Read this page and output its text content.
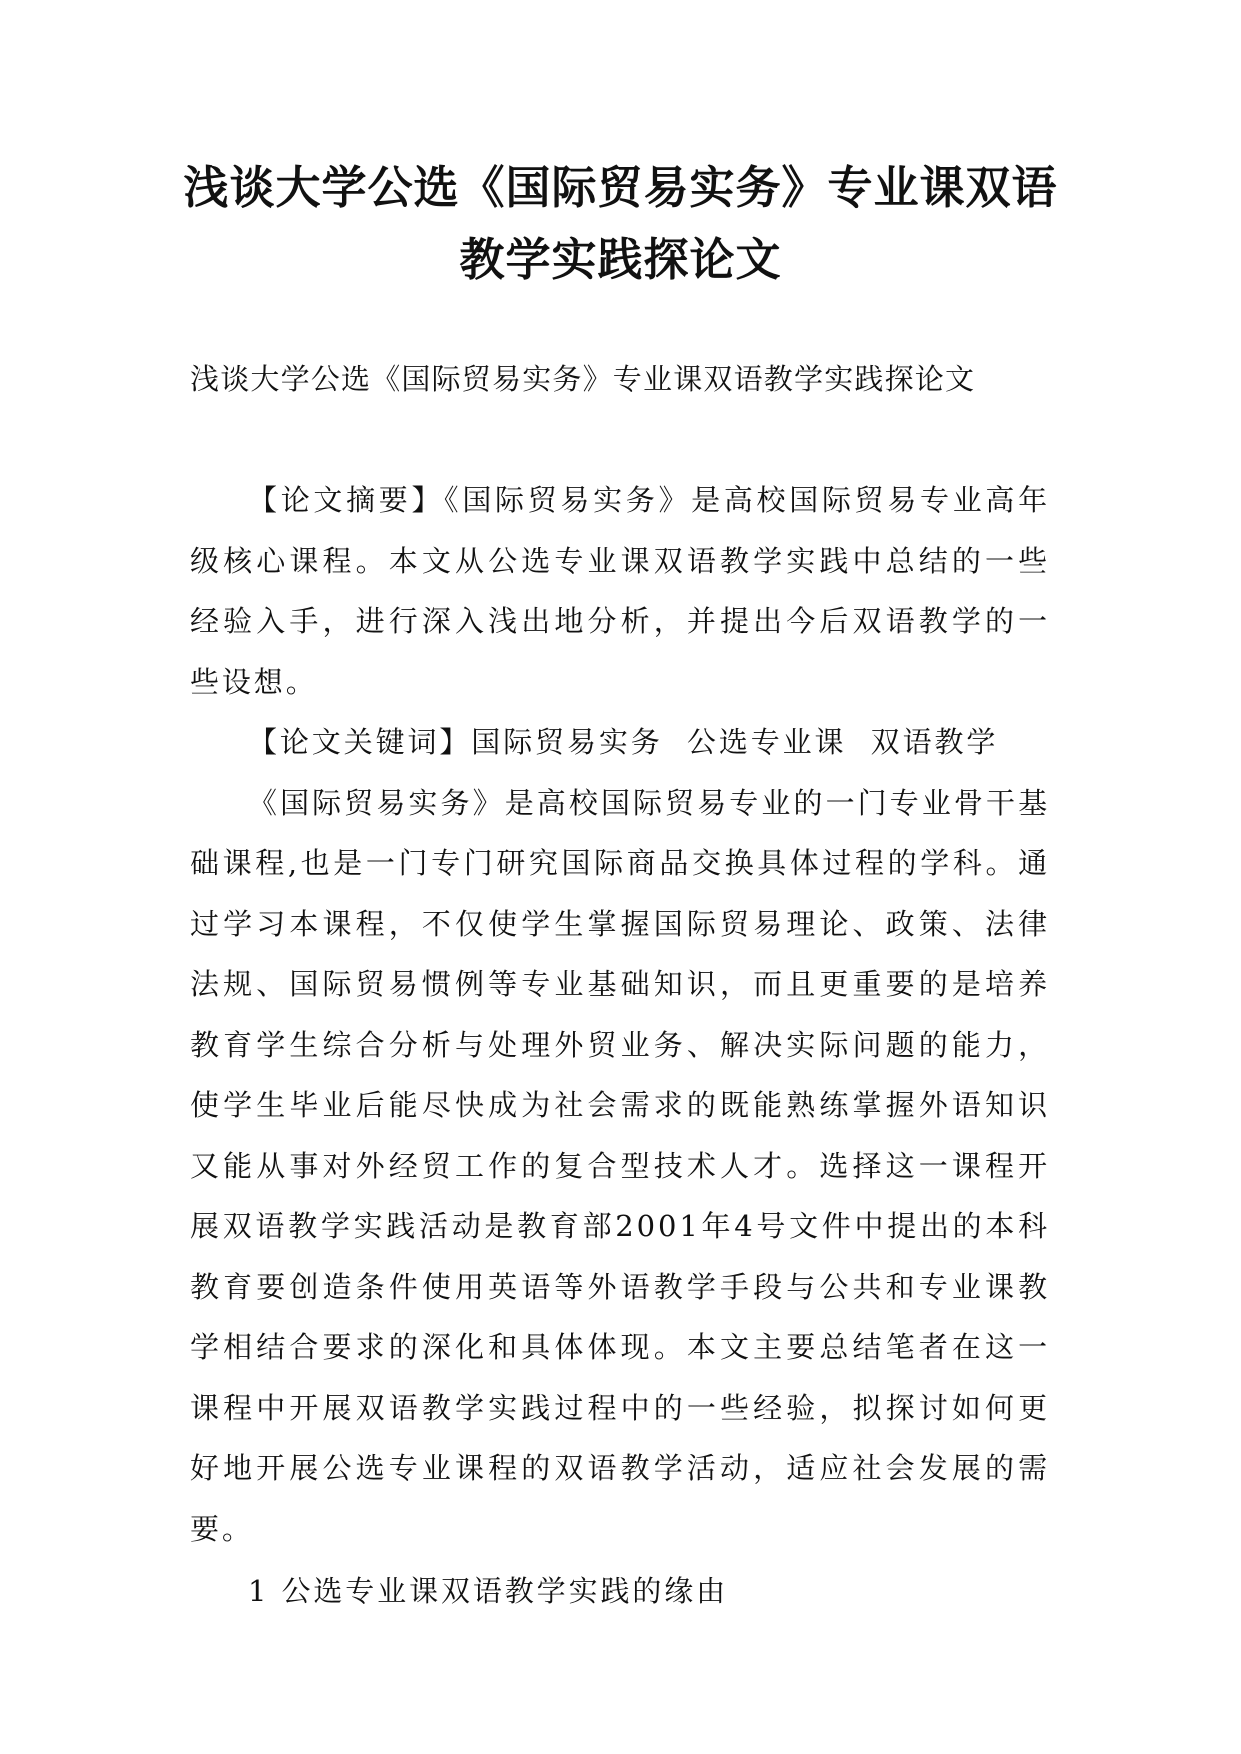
浅谈大学公选《国际贸易实务》专业课双语
教学实践探论文

浅谈大学公选《国际贸易实务》专业课双语教学实践探论文

【论文摘要】《国际贸易实务》是高校国际贸易专业高年级核心课程。本文从公选专业课双语教学实践中总结的一些经验入手，进行深入浅出地分析，并提出今后双语教学的一些设想。

【论文关键词】国际贸易实务  公选专业课  双语教学

《国际贸易实务》是高校国际贸易专业的一门专业骨干基础课程,也是一门专门研究国际商品交换具体过程的学科。通过学习本课程，不仅使学生掌握国际贸易理论、政策、法律法规、国际贸易惯例等专业基础知识，而且更重要的是培养教育学生综合分析与处理外贸业务、解决实际问题的能力，使学生毕业后能尽快成为社会需求的既能熟练掌握外语知识又能从事对外经贸工作的复合型技术人才。选择这一课程开展双语教学实践活动是教育部2001年4号文件中提出的本科教育要创造条件使用英语等外语教学手段与公共和专业课教学相结合要求的深化和具体体现。本文主要总结笔者在这一课程中开展双语教学实践过程中的一些经验，拟探讨如何更好地开展公选专业课程的双语教学活动，适应社会发展的需要。

1 公选专业课双语教学实践的缘由
